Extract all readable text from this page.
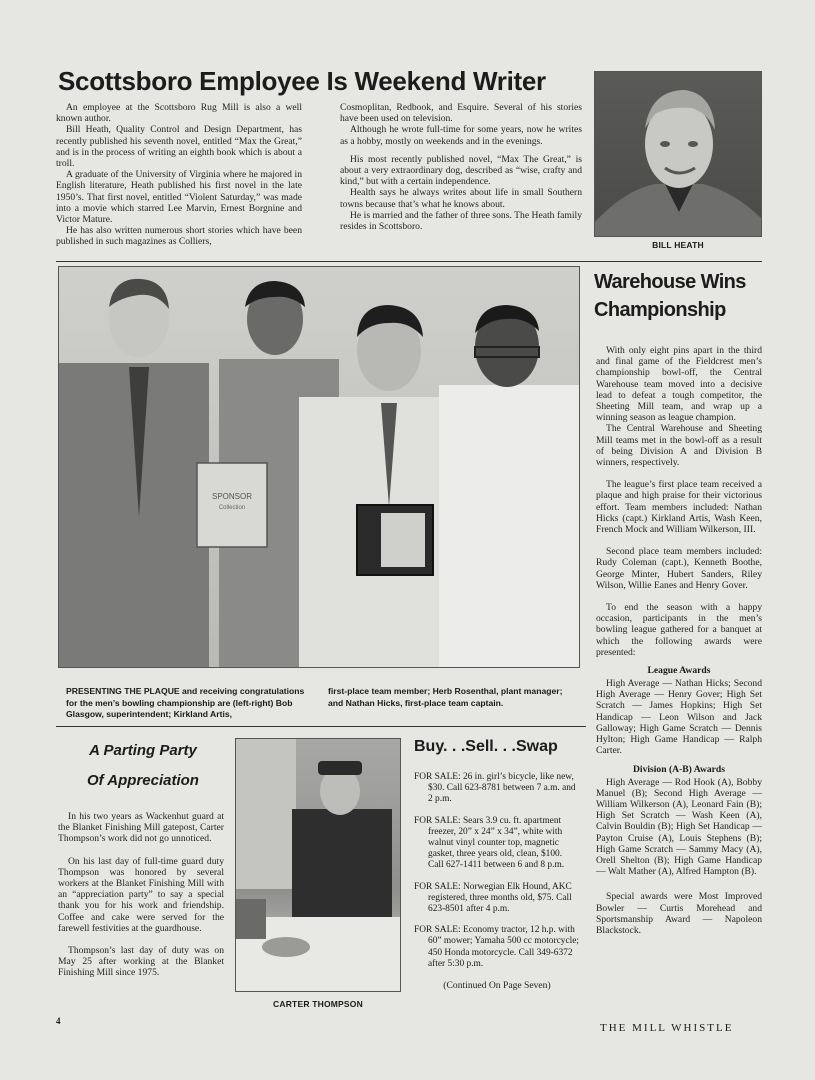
Scottsboro Employee Is Weekend Writer

An employee at the Scottsboro Rug Mill is also a well known author.

Bill Heath, Quality Control and Design Department, has recently published his seventh novel, entitled “Max the Great,” and is in the process of writing an eighth book which is about a troll.

A graduate of the University of Virginia where he majored in English literature, Heath published his first novel in the late 1950’s. That first novel, entitled “Violent Saturday,” was made into a movie which starred Lee Marvin, Ernest Borgnine and Victor Mature.

He has also written numerous short stories which have been published in such magazines as Colliers,

Cosmoplitan, Redbook, and Esquire. Several of his stories have been used on television.

Although he wrote full-time for some years, now he writes as a hobby, mostly on weekends and in the evenings.

His most recently published novel, “Max The Great,” is about a very extraordinary dog, described as “wise, crafty and kind,” but with a certain independence.

Health says he always writes about life in small Southern towns because that’s what he knows about.

He is married and the father of three sons. The Heath family resides in Scottsboro.

BILL HEATH
SPONSOR
Collection
PRESENTING THE PLAQUE and receiving congratulations for the men’s bowling championship are (left-right) Bob Glasgow, superintendent; Kirkland Artis,
first-place team member; Herb Rosenthal, plant manager; and Nathan Hicks, first-place team captain.
Warehouse Wins
Championship

With only eight pins apart in the third and final game of the Fieldcrest men’s championship bowl-off, the Central Warehouse team moved into a decisive lead to defeat a tough competitor, the Sheeting Mill team, and wrap up a winning season as league champion.

The Central Warehouse and Sheeting Mill teams met in the bowl-off as a result of being Division A and Division B winners, respectively.

The league’s first place team received a plaque and high praise for their victorious effort. Team members included: Nathan Hicks (capt.) Kirkland Artis, Wash Keen, French Mock and William Wilkerson, III.

Second place team members included: Rudy Coleman (capt.), Kenneth Boothe, George Minter, Hubert Sanders, Riley Wilson, Willie Eanes and Henry Gover.

To end the season with a happy occasion, participants in the men’s bowling league gathered for a banquet at which the following awards were presented:

League Awards

High Average — Nathan Hicks; Second High Average — Henry Gover; High Set Scratch — James Hopkins; High Set Handicap — Leon Wilson and Jack Galloway; High Game Scratch — Dennis Hylton; High Game Handicap — Ralph Carter.

Division (A-B) Awards

High Average — Rod Hook (A), Bobby Manuel (B); Second High Average — William Wilkerson (A), Leonard Fain (B); High Set Scratch — Wash Keen (A), Calvin Bouldin (B); High Set Handicap — Payton Cruise (A), Louis Stephens (B); High Game Scratch — Sammy Macy (A), Orell Shelton (B); High Game Handicap — Walt Mather (A), Alfred Hampton (B).

Special awards were Most Improved Bowler — Curtis Morehead and Sportsmanship Award — Napoleon Blackstock.

A Parting Party
Of Appreciation

In his two years as Wackenhut guard at the Blanket Finishing Mill gatepost, Carter Thompson’s work did not go unnoticed.

On his last day of full-time guard duty Thompson was honored by several workers at the Blanket Finishing Mill with an “appreciation party” to say a special thank you for his work and friendship. Coffee and cake were served for the farewell festivities at the guardhouse.

Thompson’s last day of duty was on May 25 after working at the Blanket Finishing Mill since 1975.

CARTER THOMPSON
Buy. . .Sell. . .Swap

FOR SALE: 26 in. girl’s bicycle, like new, $30. Call 623-8781 between 7 a.m. and 2 p.m.

FOR SALE: Sears 3.9 cu. ft. apartment freezer, 20” x 24” x 34”, white with walnut vinyl counter top, magnetic gasket, three years old, clean, $100. Call 627-1411 between 6 and 8 p.m.

FOR SALE: Norwegian Elk Hound, AKC registered, three months old, $75. Call 623-8501 after 4 p.m.

FOR SALE: Economy tractor, 12 h.p. with 60” mower; Yamaha 500 cc motorcycle; 450 Honda motorcycle. Call 349-6372 after 5:30 p.m.

(Continued On Page Seven)

4
THE MILL WHISTLE
